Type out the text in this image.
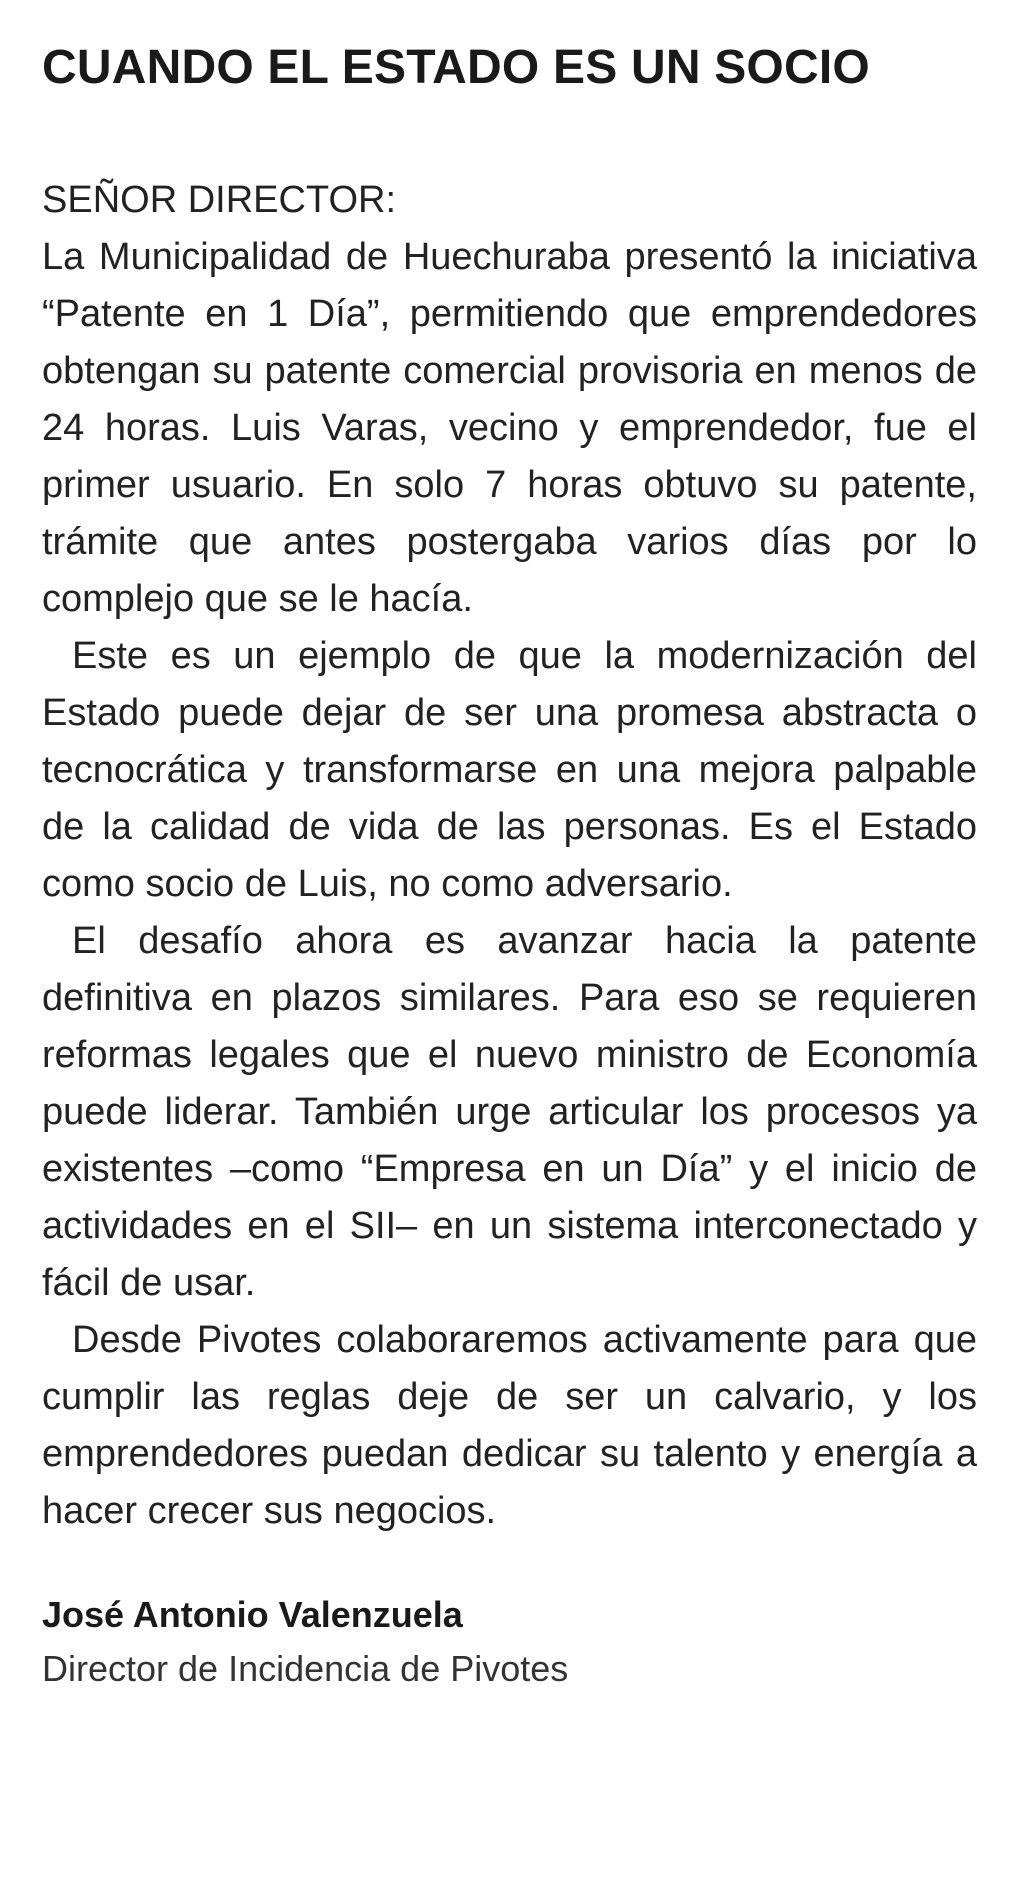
CUANDO EL ESTADO ES UN SOCIO
SEÑOR DIRECTOR:

La Municipalidad de Huechuraba presentó la iniciativa “Patente en 1 Día”, permitiendo que emprendedores obtengan su patente comercial provisoria en menos de 24 horas. Luis Varas, vecino y emprendedor, fue el primer usuario. En solo 7 horas obtuvo su patente, trámite que antes postergaba varios días por lo complejo que se le hacía.

Este es un ejemplo de que la modernización del Estado puede dejar de ser una promesa abstracta o tecnocrática y transformarse en una mejora palpable de la calidad de vida de las personas. Es el Estado como socio de Luis, no como adversario.

El desafío ahora es avanzar hacia la patente definitiva en plazos similares. Para eso se requieren reformas legales que el nuevo ministro de Economía puede liderar. También urge articular los procesos ya existentes –como “Empresa en un Día” y el inicio de actividades en el SII– en un sistema interconectado y fácil de usar.

Desde Pivotes colaboraremos activamente para que cumplir las reglas deje de ser un calvario, y los emprendedores puedan dedicar su talento y energía a hacer crecer sus negocios.

José Antonio Valenzuela
Director de Incidencia de Pivotes
